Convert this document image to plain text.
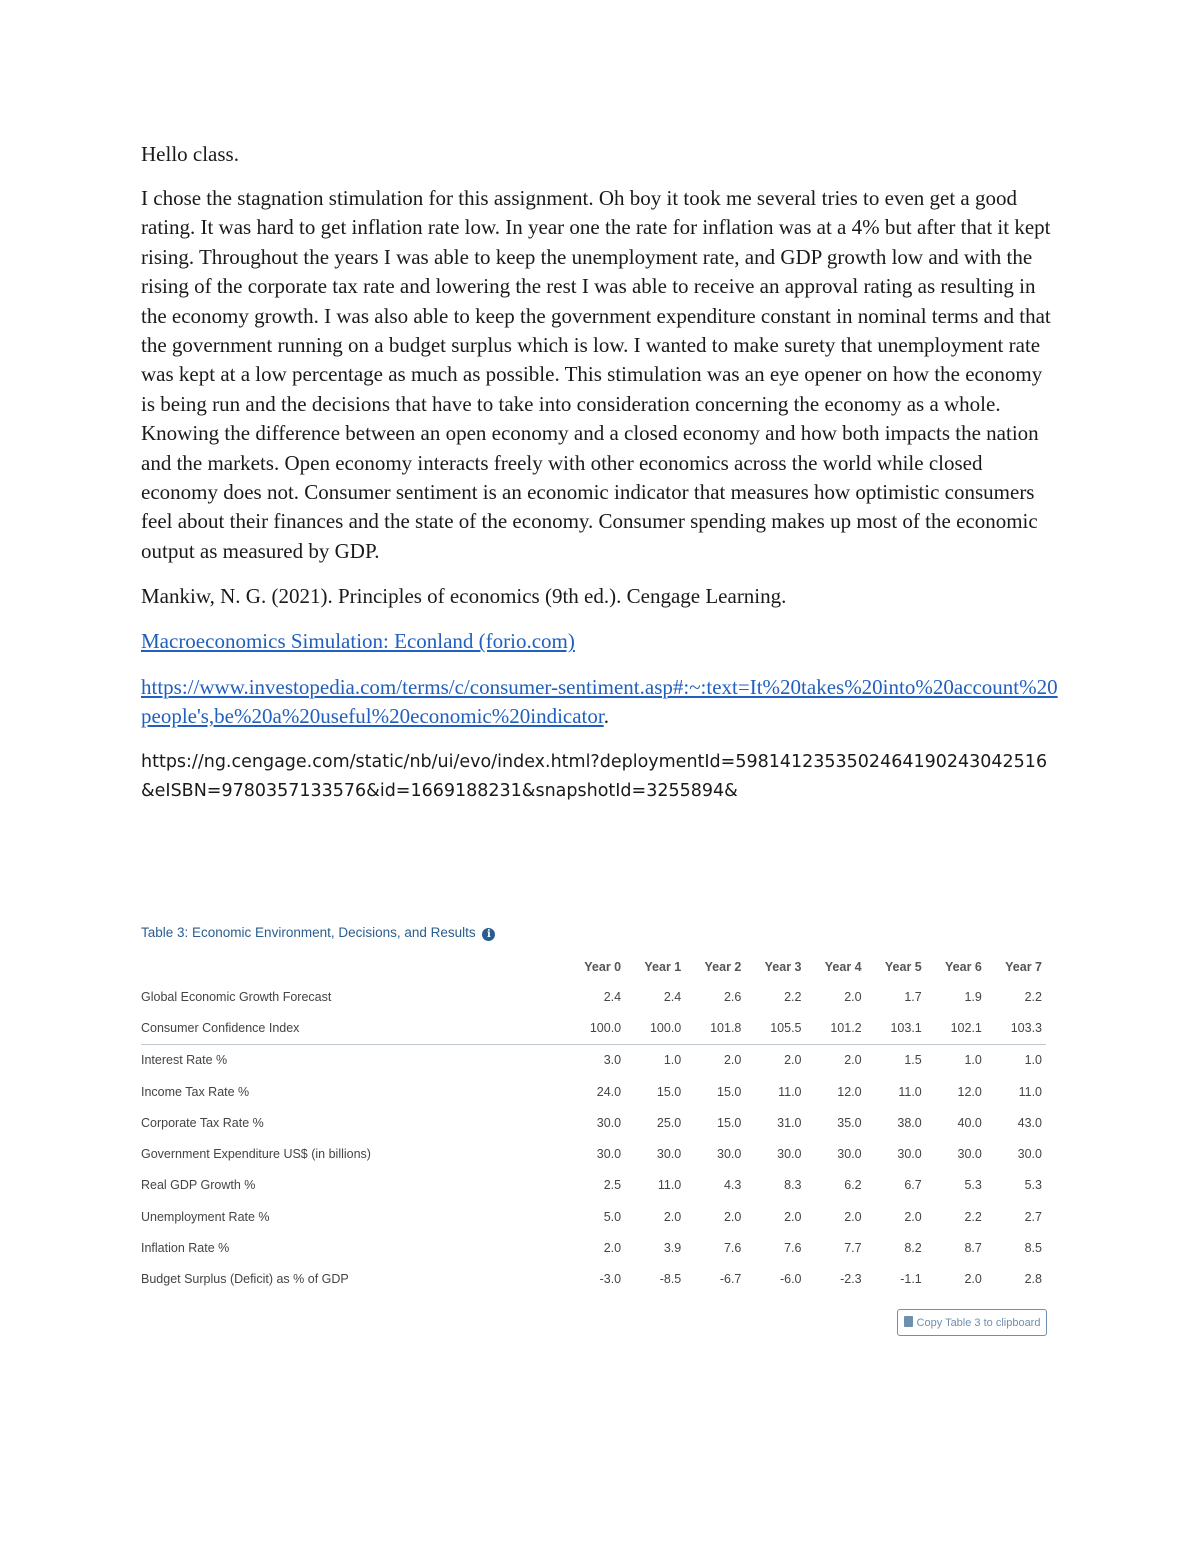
Hello class.

I chose the stagnation stimulation for this assignment. Oh boy it took me several tries to even get a good rating. It was hard to get inflation rate low. In year one the rate for inflation was at a 4% but after that it kept rising. Throughout the years I was able to keep the unemployment rate, and GDP growth low and with the rising of the corporate tax rate and lowering the rest I was able to receive an approval rating as resulting in the economy growth. I was also able to keep the government expenditure constant in nominal terms and that the government running on a budget surplus which is low. I wanted to make surety that unemployment rate was kept at a low percentage as much as possible. This stimulation was an eye opener on how the economy is being run and the decisions that have to take into consideration concerning the economy as a whole. Knowing the difference between an open economy and a closed economy and how both impacts the nation and the markets. Open economy interacts freely with other economics across the world while closed economy does not. Consumer sentiment is an economic indicator that measures how optimistic consumers feel about their finances and the state of the economy. Consumer spending makes up most of the economic output as measured by GDP.

Mankiw, N. G. (2021). Principles of economics (9th ed.). Cengage Learning.

Macroeconomics Simulation: Econland (forio.com)

https://www.investopedia.com/terms/c/consumer-sentiment.asp#:~:text=It%20takes%20into%20account%20people's,be%20a%20useful%20economic%20indicator.

https://ng.cengage.com/static/nb/ui/evo/index.html?deploymentId=5981412353502464190243042516&eISBN=9780357133576&id=1669188231&snapshotId=3255894&

Table 3: Economic Environment, Decisions, and Results i
	Year 0	Year 1	Year 2	Year 3	Year 4	Year 5	Year 6	Year 7
Global Economic Growth Forecast	2.4	2.4	2.6	2.2	2.0	1.7	1.9	2.2
Consumer Confidence Index	100.0	100.0	101.8	105.5	101.2	103.1	102.1	103.3
Interest Rate %	3.0	1.0	2.0	2.0	2.0	1.5	1.0	1.0
Income Tax Rate %	24.0	15.0	15.0	11.0	12.0	11.0	12.0	11.0
Corporate Tax Rate %	30.0	25.0	15.0	31.0	35.0	38.0	40.0	43.0
Government Expenditure US$ (in billions)	30.0	30.0	30.0	30.0	30.0	30.0	30.0	30.0
Real GDP Growth %	2.5	11.0	4.3	8.3	6.2	6.7	5.3	5.3
Unemployment Rate %	5.0	2.0	2.0	2.0	2.0	2.0	2.2	2.7
Inflation Rate %	2.0	3.9	7.6	7.6	7.7	8.2	8.7	8.5
Budget Surplus (Deficit) as % of GDP	-3.0	-8.5	-6.7	-6.0	-2.3	-1.1	2.0	2.8
Copy Table 3 to clipboard
